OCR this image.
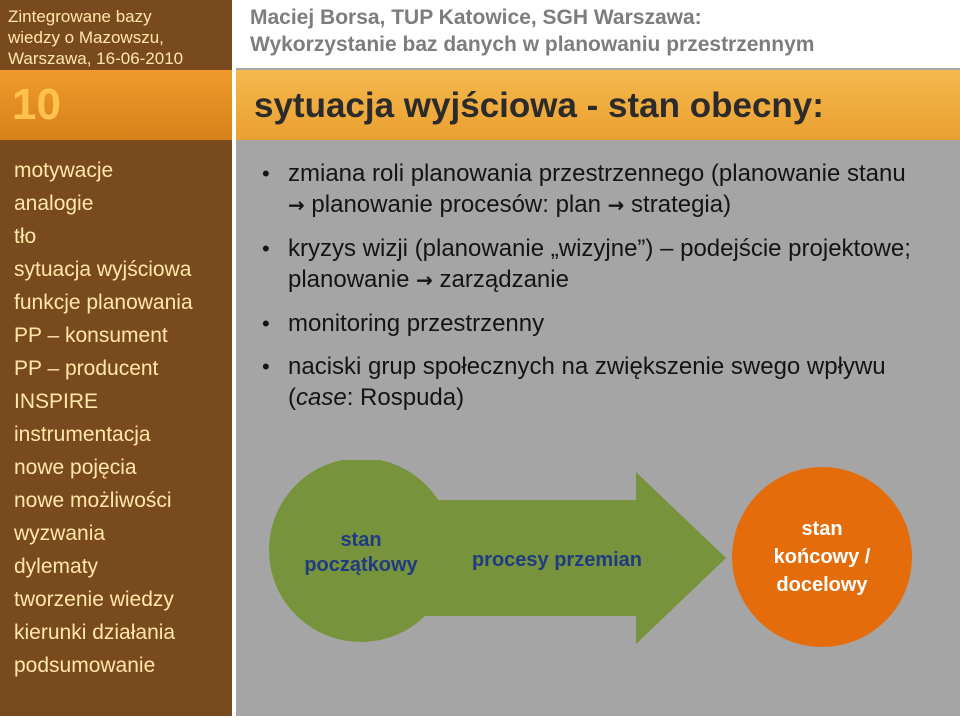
Zintegrowane bazy
wiedzy o Mazowszu,
Warszawa, 16-06-2010
10
motywacje
analogie
tło
sytuacja wyjściowa
funkcje planowania
PP – konsument
PP – producent
INSPIRE
instrumentacja
nowe pojęcia
nowe możliwości
wyzwania
dylematy
tworzenie wiedzy
kierunki działania
podsumowanie
Maciej Borsa, TUP Katowice, SGH Warszawa:
Wykorzystanie baz danych w planowaniu przestrzennym
sytuacja wyjściowa - stan obecny:
• zmiana roli planowania przestrzennego (planowanie stanu → planowanie procesów: plan → strategia)
• kryzys wizji (planowanie „wizyjne”) – podejście projektowe; planowanie → zarządzanie
• monitoring przestrzenny
• naciski grup społecznych na zwiększenie swego wpływu (case: Rospuda)
stan
początkowy	procesy przemian
stan
końcowy /
docelowy
